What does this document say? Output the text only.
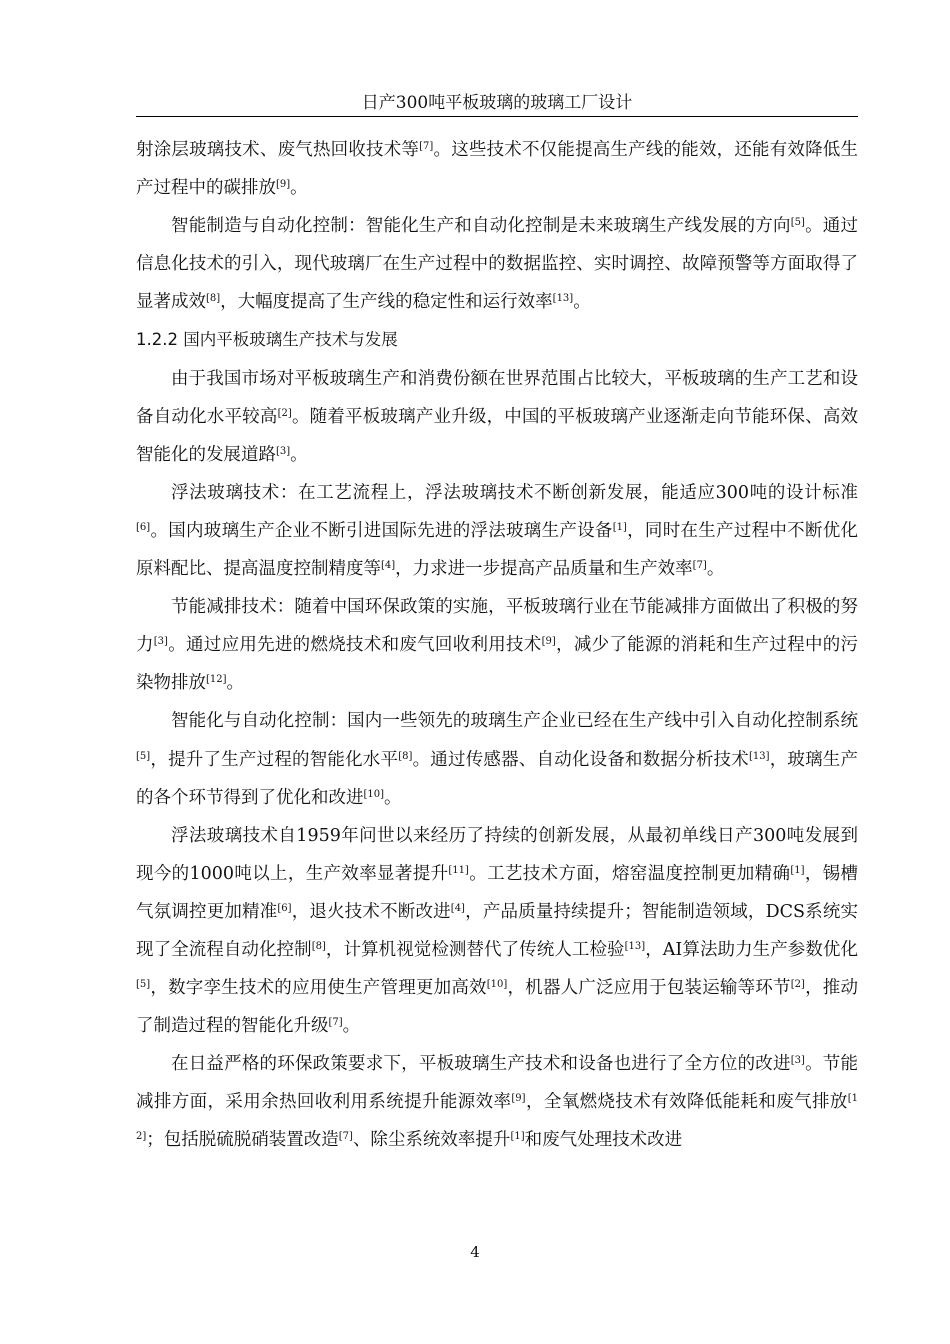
日产300吨平板玻璃的玻璃工厂设计

射涂层玻璃技术、废气热回收技术等[7]。这些技术不仅能提高生产线的能效，还能有效降低生产过程中的碳排放[9]。

智能制造与自动化控制：智能化生产和自动化控制是未来玻璃生产线发展的方向[5]。通过信息化技术的引入，现代玻璃厂在生产过程中的数据监控、实时调控、故障预警等方面取得了显著成效[8]，大幅度提高了生产线的稳定性和运行效率[13]。

1.2.2 国内平板玻璃生产技术与发展

由于我国市场对平板玻璃生产和消费份额在世界范围占比较大，平板玻璃的生产工艺和设备自动化水平较高[2]。随着平板玻璃产业升级，中国的平板玻璃产业逐渐走向节能环保、高效智能化的发展道路[3]。

浮法玻璃技术：在工艺流程上，浮法玻璃技术不断创新发展，能适应300吨的设计标准[6]。国内玻璃生产企业不断引进国际先进的浮法玻璃生产设备[1]，同时在生产过程中不断优化原料配比、提高温度控制精度等[4]，力求进一步提高产品质量和生产效率[7]。

节能减排技术：随着中国环保政策的实施，平板玻璃行业在节能减排方面做出了积极的努力[3]。通过应用先进的燃烧技术和废气回收利用技术[9]，减少了能源的消耗和生产过程中的污染物排放[12]。

智能化与自动化控制：国内一些领先的玻璃生产企业已经在生产线中引入自动化控制系统[5]，提升了生产过程的智能化水平[8]。通过传感器、自动化设备和数据分析技术[13]，玻璃生产的各个环节得到了优化和改进[10]。

浮法玻璃技术自1959年问世以来经历了持续的创新发展，从最初单线日产300吨发展到现今的1000吨以上，生产效率显著提升[11]。工艺技术方面，熔窑温度控制更加精确[1]，锡槽气氛调控更加精准[6]，退火技术不断改进[4]，产品质量持续提升；智能制造领域，DCS系统实现了全流程自动化控制[8]，计算机视觉检测替代了传统人工检验[13]，AI算法助力生产参数优化[5]，数字孪生技术的应用使生产管理更加高效[10]，机器人广泛应用于包装运输等环节[2]，推动了制造过程的智能化升级[7]。

在日益严格的环保政策要求下，平板玻璃生产技术和设备也进行了全方位的改进[3]。节能减排方面，采用余热回收利用系统提升能源效率[9]，全氧燃烧技术有效降低能耗和废气排放[12]；包括脱硫脱硝装置改造[7]、除尘系统效率提升[1]和废气处理技术改进

4
